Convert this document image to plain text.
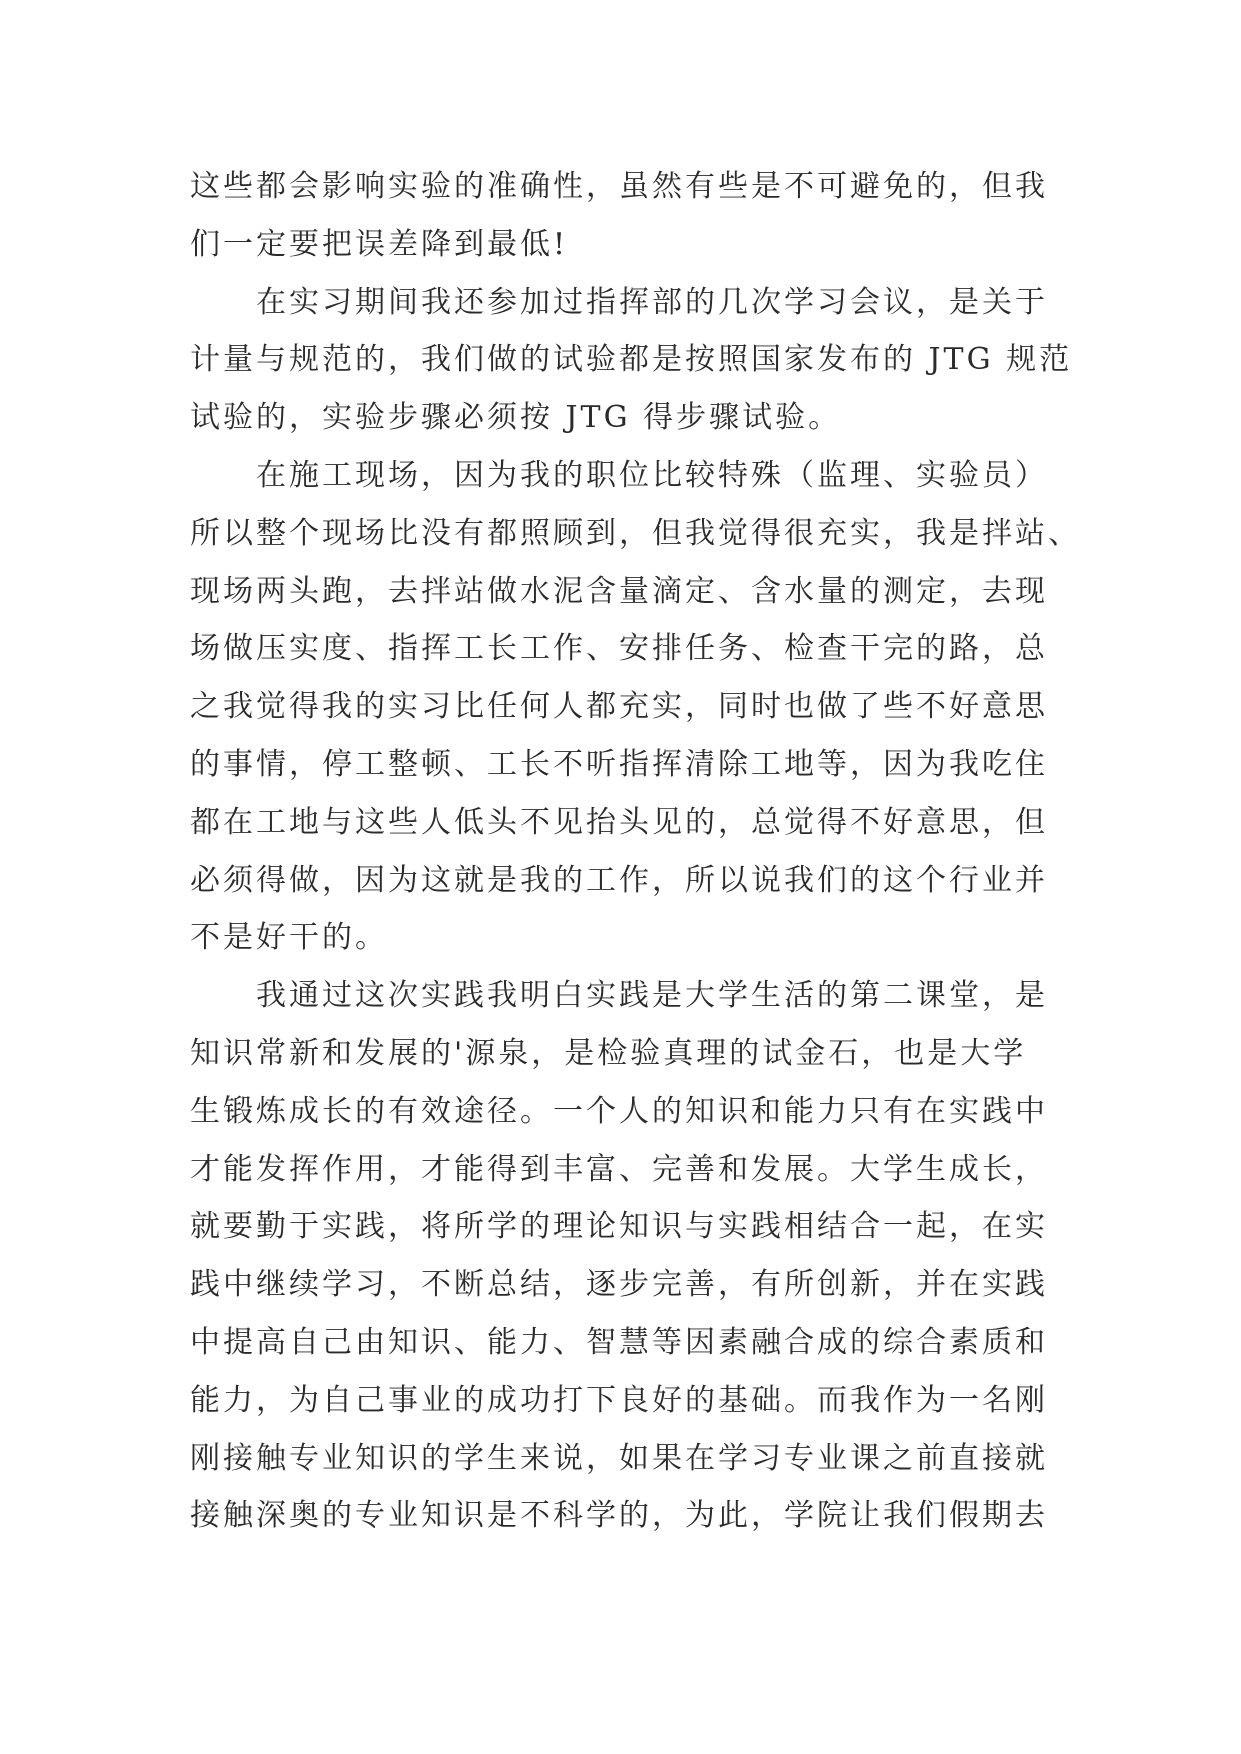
这些都会影响实验的准确性，虽然有些是不可避免的，但我
们一定要把误差降到最低!
在实习期间我还参加过指挥部的几次学习会议，是关于
计量与规范的，我们做的试验都是按照国家发布的 JTG 规范
试验的，实验步骤必须按 JTG 得步骤试验。
在施工现场，因为我的职位比较特殊（监理、实验员）
所以整个现场比没有都照顾到，但我觉得很充实，我是拌站、
现场两头跑，去拌站做水泥含量滴定、含水量的测定，去现
场做压实度、指挥工长工作、安排任务、检查干完的路，总
之我觉得我的实习比任何人都充实，同时也做了些不好意思
的事情，停工整顿、工长不听指挥清除工地等，因为我吃住
都在工地与这些人低头不见抬头见的，总觉得不好意思，但
必须得做，因为这就是我的工作，所以说我们的这个行业并
不是好干的。
我通过这次实践我明白实践是大学生活的第二课堂，是
知识常新和发展的'源泉，是检验真理的试金石，也是大学
生锻炼成长的有效途径。一个人的知识和能力只有在实践中
才能发挥作用，才能得到丰富、完善和发展。大学生成长，
就要勤于实践，将所学的理论知识与实践相结合一起，在实
践中继续学习，不断总结，逐步完善，有所创新，并在实践
中提高自己由知识、能力、智慧等因素融合成的综合素质和
能力，为自己事业的成功打下良好的基础。而我作为一名刚
刚接触专业知识的学生来说，如果在学习专业课之前直接就
接触深奥的专业知识是不科学的，为此，学院让我们假期去
